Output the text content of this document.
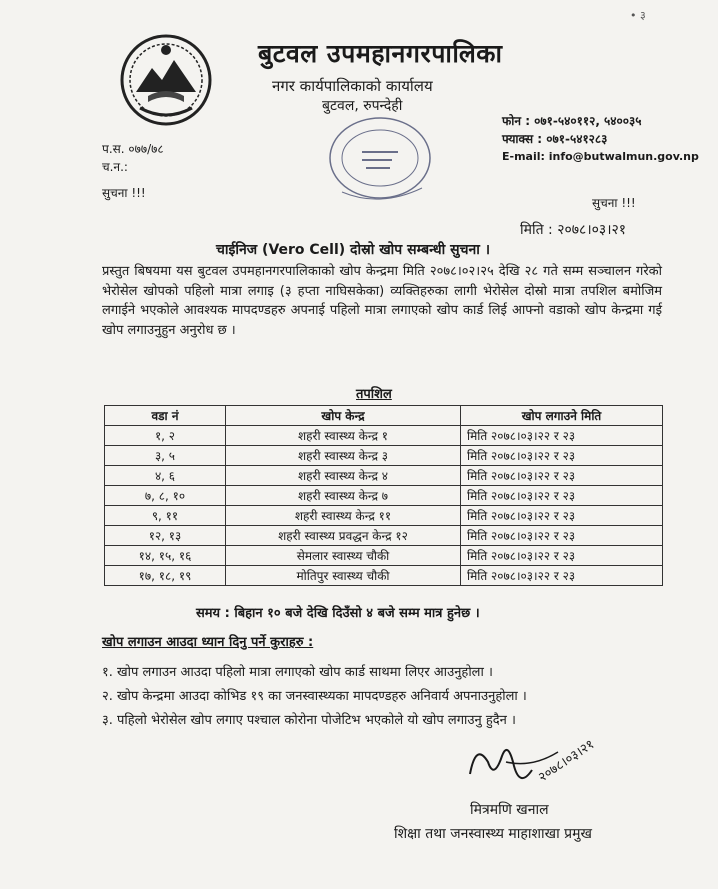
• ३
बुटवल उपमहानगरपालिका
नगर कार्यपालिकाको कार्यालय
बुटवल, रुपन्देही
फोन : ०७१-५४०११२, ५४००३५
फ्याक्स : ०७१-५४१२८३
E-mail: info@butwalmun.gov.np
प.स. ०७७/७८
च.न.:
सुचना !!!
सुचना !!!
मिति : २०७८।०३।२१
चाईनिज (Vero Cell) दोस्रो खोप सम्बन्धी सुचना ।
प्रस्तुत बिषयमा यस बुटवल उपमहानगरपालिकाको खोप केन्द्रमा मिति २०७८।०२।२५ देखि २८ गते सम्म सञ्चालन गरेको भेरोसेल खोपको पहिलो मात्रा लगाइ (३ हप्ता नाघिसकेका) व्यक्तिहरुका लागी भेरोसेल दोस्रो मात्रा तपशिल बमोजिम लगाईने भएकोले आवश्यक मापदण्डहरु अपनाई पहिलो मात्रा लगाएको खोप कार्ड लिई आफ्नो वडाको खोप केन्द्रमा गई खोप लगाउनुहुन अनुरोध छ ।
तपशिल
वडा नं	खोप केन्द्र	खोप लगाउने मिति
१, २	शहरी स्वास्थ्य केन्द्र १	मिति २०७८।०३।२२ र २३
३, ५	शहरी स्वास्थ्य केन्द्र ३	मिति २०७८।०३।२२ र २३
४, ६	शहरी स्वास्थ्य केन्द्र ४	मिति २०७८।०३।२२ र २३
७, ८, १०	शहरी स्वास्थ्य केन्द्र ७	मिति २०७८।०३।२२ र २३
९, ११	शहरी स्वास्थ्य केन्द्र ११	मिति २०७८।०३।२२ र २३
१२, १३	शहरी स्वास्थ्य प्रवद्धन केन्द्र १२	मिति २०७८।०३।२२ र २३
१४, १५, १६	सेमलार स्वास्थ्य चौकी	मिति २०७८।०३।२२ र २३
१७, १८, १९	मोतिपुर स्वास्थ्य चौकी	मिति २०७८।०३।२२ र २३
समय : बिहान १० बजे देखि दिउँसो ४ बजे सम्म मात्र हुनेछ ।
खोप लगाउन आउदा ध्यान दिनु पर्ने कुराहरु :
१. खोप लगाउन आउदा पहिलो मात्रा लगाएको खोप कार्ड साथमा लिएर आउनुहोला ।
२. खोप केन्द्रमा आउदा कोभिड १९ का जनस्वास्थ्यका मापदण्डहरु अनिवार्य अपनाउनुहोला ।
३. पहिलो भेरोसेल खोप लगाए पश्चाल कोरोना पोजेटिभ भएकोले यो खोप लगाउनु हुदैन ।
२०७८।०३।२१
मित्रमणि खनाल
शिक्षा तथा जनस्वास्थ्य माहाशाखा प्रमुख
